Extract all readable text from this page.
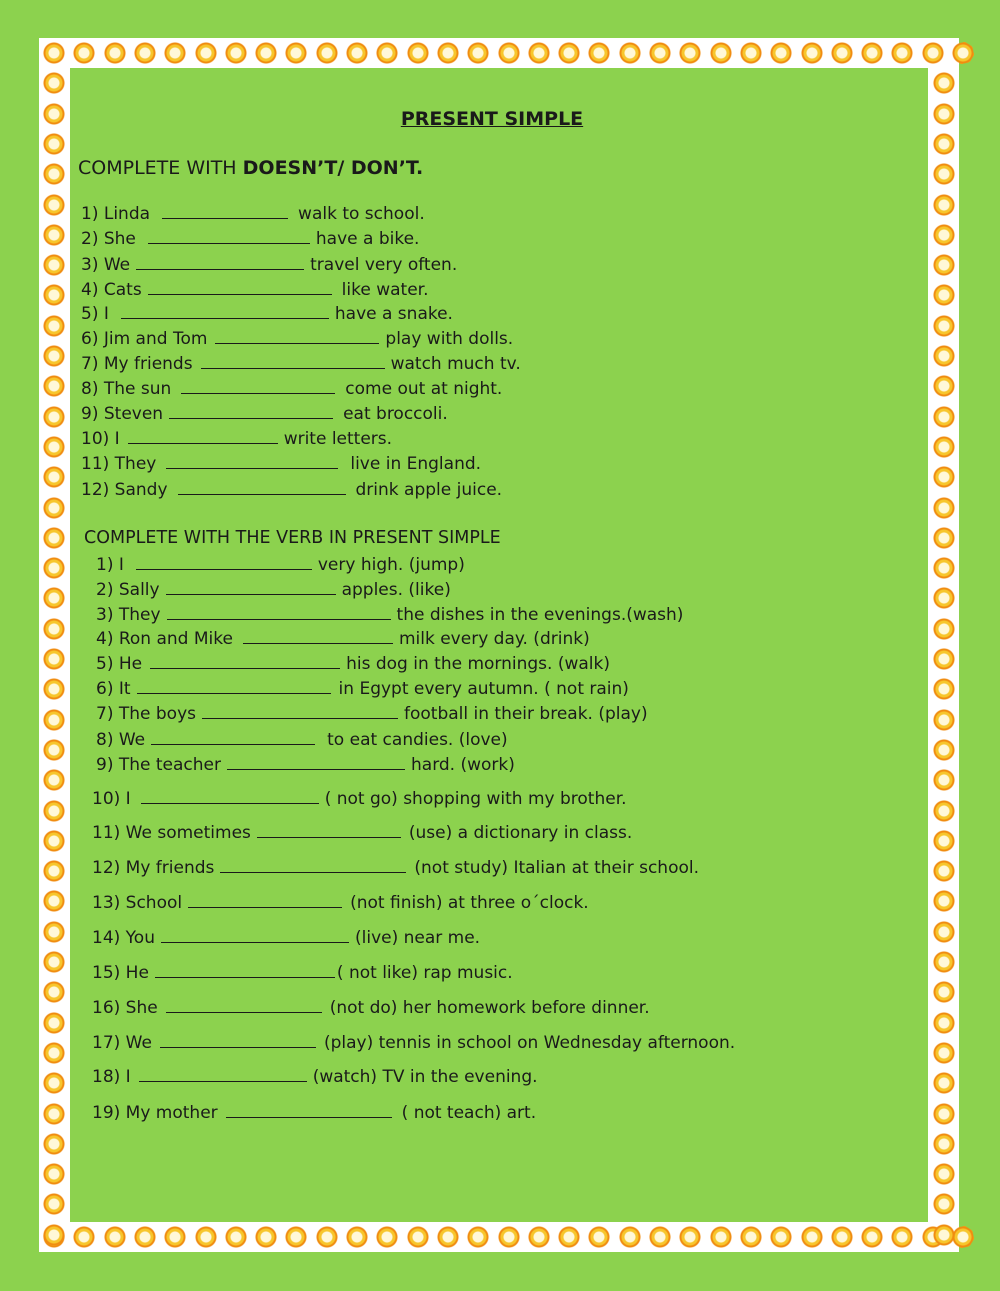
PRESENT SIMPLE
COMPLETE WITH DOESN’T/ DON’T.
1) Linda	walk to school.
2) She	have a bike.
3) We	travel very often.
4) Cats	like water.
5) I	have a snake.
6) Jim and Tom	play with dolls.
7) My friends	watch much tv.
8) The sun	come out at night.
9) Steven	eat broccoli.
10) I	write letters.
11) They	live in England.
12) Sandy	drink apple juice.
COMPLETE WITH THE VERB IN PRESENT SIMPLE
1) I	very high. (jump)
2) Sally	apples. (like)
3) They	the dishes in the evenings.(wash)
4) Ron and Mike	milk every day. (drink)
5) He	his dog in the mornings. (walk)
6) It	in Egypt every autumn. ( not rain)
7) The boys	football in their break. (play)
8) We	to eat candies. (love)
9) The teacher	hard. (work)
10) I	( not go) shopping with my brother.
11) We sometimes	(use) a dictionary in class.
12) My friends	(not study) Italian at their school.
13) School	(not finish) at three o´clock.
14) You	(live) near me.
15) He	( not like) rap music.
16) She	(not do) her homework before dinner.
17) We	(play) tennis in school on Wednesday afternoon.
18) I	(watch) TV in the evening.
19) My mother	( not teach) art.
